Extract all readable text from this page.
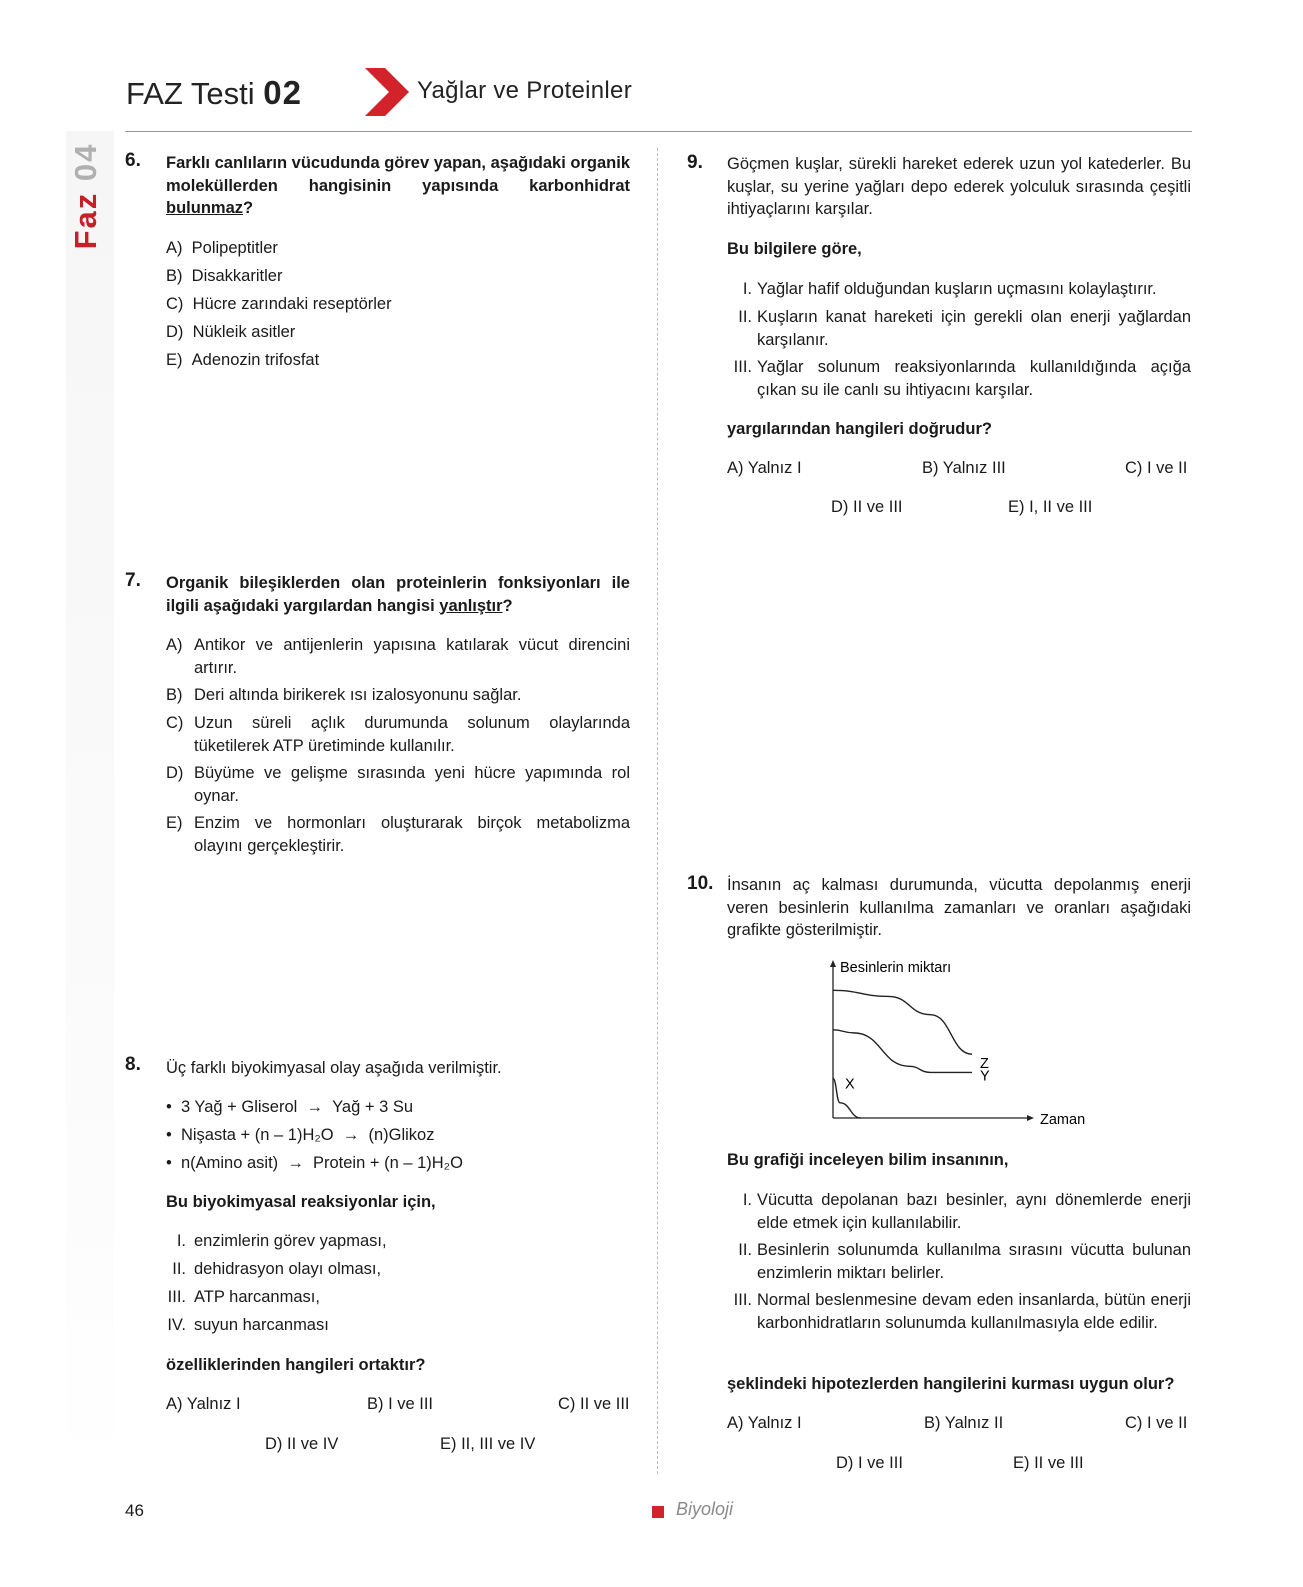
FAZ Testi 02	Yağlar ve Proteinler
Faz 04 6. Farklı canlıların vücudunda görev yapan, aşağıdaki organik moleküllerden hangisinin yapısında karbonhidrat bulunmaz?
A) Polipeptitler
B) Disakkaritler
C) Hücre zarındaki reseptörler
D) Nükleik asitler
E) Adenozin trifosfat
7. Organik bileşiklerden olan proteinlerin fonksiyonları ile ilgili aşağıdaki yargılardan hangisi yanlıştır?
A) Antikor ve antijenlerin yapısına katılarak vücut direncini artırır.
B) Deri altında birikerek ısı izalosyonunu sağlar.
C) Uzun süreli açlık durumunda solunum olaylarında tüketilerek ATP üretiminde kullanılır.
D) Büyüme ve gelişme sırasında yeni hücre yapımında rol oynar.
E) Enzim ve hormonları oluşturarak birçok metabolizma olayını gerçekleştirir.
8. Üç farklı biyokimyasal olay aşağıda verilmiştir.
• 3 Yağ + Gliserol → Yağ + 3 Su
• Nişasta + (n – 1)H₂O → (n)Glikoz
• n(Amino asit) → Protein + (n – 1)H₂O
Bu biyokimyasal reaksiyonlar için,
I. enzimlerin görev yapması,
II. dehidrasyon olayı olması,
III. ATP harcanması,
IV. suyun harcanması
özelliklerinden hangileri ortaktır?
A) Yalnız I	B) I ve III	C) II ve III
D) II ve IV	E) II, III ve IV
9. Göçmen kuşlar, sürekli hareket ederek uzun yol katederler. Bu kuşlar, su yerine yağları depo ederek yolculuk sırasında çeşitli ihtiyaçlarını karşılar.
Bu bilgilere göre,
I. Yağlar hafif olduğundan kuşların uçmasını kolaylaştırır.
II. Kuşların kanat hareketi için gerekli olan enerji yağlardan karşılanır.
III. Yağlar solunum reaksiyonlarında kullanıldığında açığa çıkan su ile canlı su ihtiyacını karşılar.
yargılarından hangileri doğrudur?
A) Yalnız I	B) Yalnız III	C) I ve II
D) II ve III	E) I, II ve III
10. İnsanın aç kalması durumunda, vücutta depolanmış enerji veren besinlerin kullanılma zamanları ve oranları aşağıdaki grafikte gösterilmiştir.
Besinlerin miktarı
Zaman
Z
Y
X
Bu grafiği inceleyen bilim insanının,
I. Vücutta depolanan bazı besinler, aynı dönemlerde enerji elde etmek için kullanılabilir.
II. Besinlerin solunumda kullanılma sırasını vücutta bulunan enzimlerin miktarı belirler.
III. Normal beslenmesine devam eden insanlarda, bütün enerji karbonhidratların solunumda kullanılmasıyla elde edilir.
şeklindeki hipotezlerden hangilerini kurması uygun olur?
A) Yalnız I	B) Yalnız II	C) I ve II
D) I ve III	E) II ve III
46	Biyoloji
